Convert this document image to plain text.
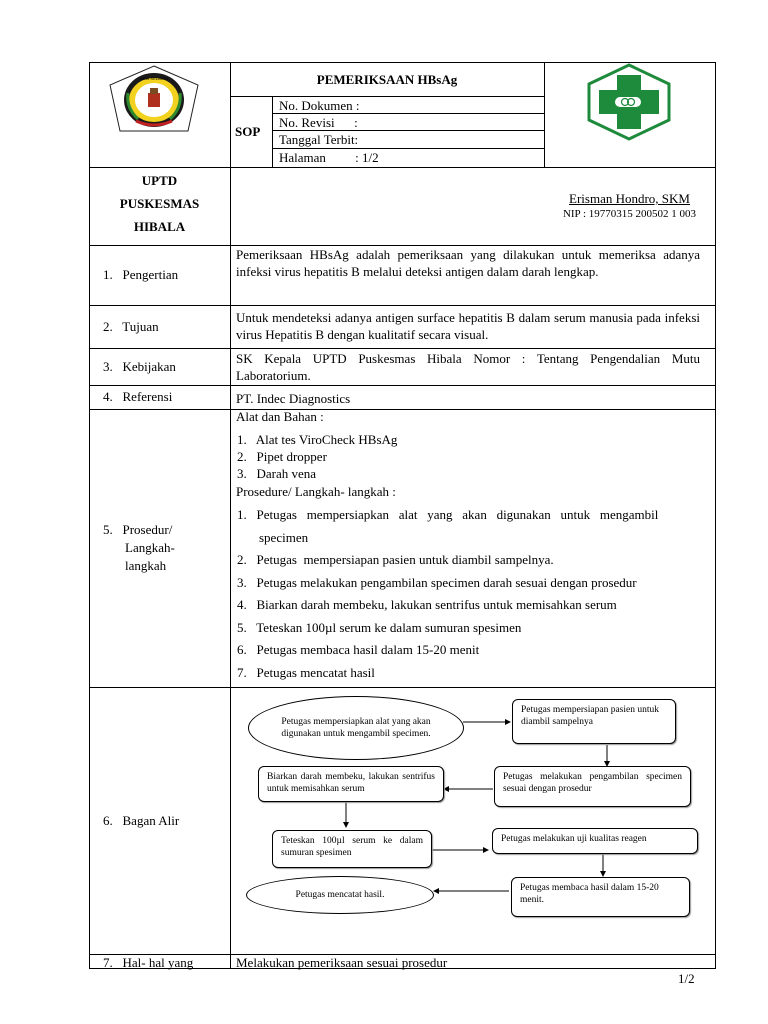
NIAS SELATAN	PEMERIKSAAN HBsAg
SOP
No. Dokumen :
No. Revisi      :
Tanggal Terbit:
Halaman         : 1/2
UPTD
PUSKESMAS
HIBALA
Erisman Hondro, SKM
NIP : 19770315 200502 1 003
1.   Pengertian
Pemeriksaan HBsAg adalah pemeriksaan yang dilakukan untuk memeriksa adanya infeksi virus hepatitis B melalui deteksi antigen dalam darah lengkap.
2.   Tujuan
Untuk mendeteksi adanya antigen surface hepatitis B dalam serum manusia pada infeksi virus Hepatitis B dengan kualitatif secara visual.
3.   Kebijakan
SK Kepala UPTD Puskesmas Hibala Nomor : Tentang Pengendalian Mutu Laboratorium.
4.   Referensi	PT. Indec Diagnostics
5.   Prosedur/
Langkah-
langkah
Alat dan Bahan :
1.   Alat tes ViroCheck HBsAg
2.   Pipet dropper
3.   Darah vena
Prosedure/ Langkah- langkah :
1.   Petugas   mempersiapkan   alat   yang   akan   digunakan   untuk   mengambil
specimen
2.   Petugas  mempersiapan pasien untuk diambil sampelnya.
3.   Petugas melakukan pengambilan specimen darah sesuai dengan prosedur
4.   Biarkan darah membeku, lakukan sentrifus untuk memisahkan serum
5.   Teteskan 100µl serum ke dalam sumuran spesimen
6.   Petugas membaca hasil dalam 15-20 menit
7.   Petugas mencatat hasil
6.   Bagan Alir
Petugas mempersiapkan alat yang akan digunakan untuk mengambil specimen.
Petugas mempersiapan pasien untuk diambil sampelnya
Petugas melakukan pengambilan specimen sesuai dengan prosedur
Biarkan darah membeku, lakukan sentrifus untuk memisahkan serum
Teteskan 100µl serum ke dalam sumuran spesimen
Petugas melakukan uji kualitas reagen
Petugas membaca hasil dalam 15-20 menit.
Petugas mencatat hasil.
7.   Hal- hal yang	Melakukan pemeriksaan sesuai prosedur
1/2
